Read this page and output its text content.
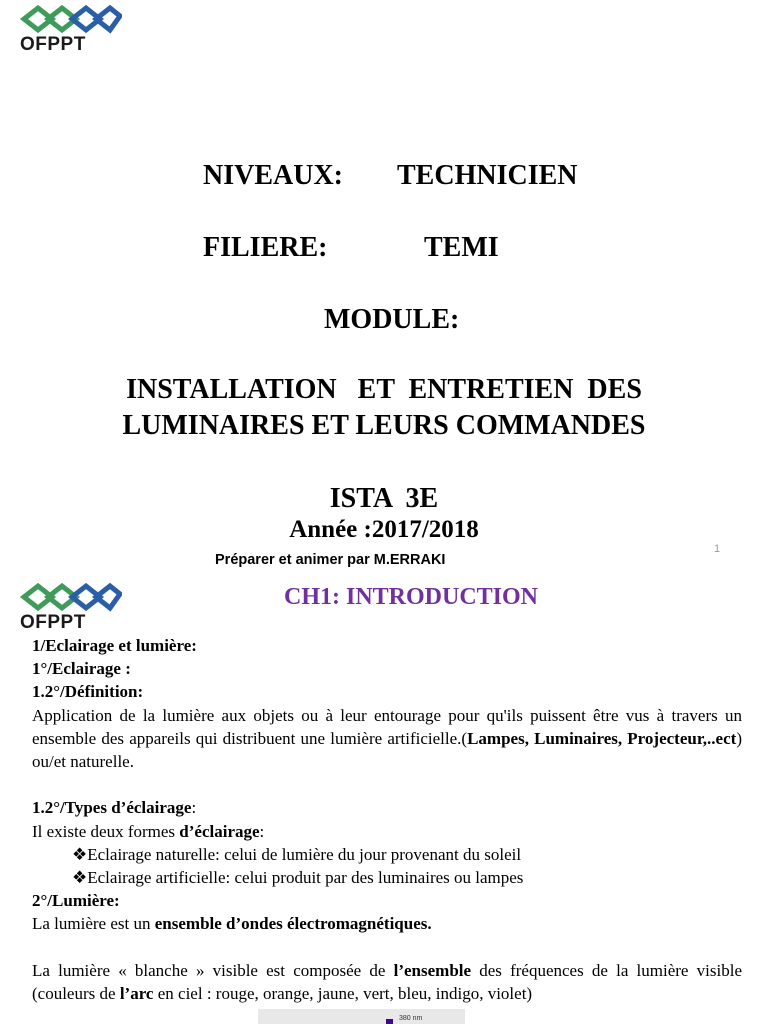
OFPPT
NIVEAUX: TECHNICIEN
FILIERE:	TEMI
MODULE:
INSTALLATION   ET  ENTRETIEN  DES
LUMINAIRES ET LEURS COMMANDES
ISTA  3E
Année :2017/2018
Préparer et animer par M.ERRAKI
1
OFPPT
CH1: INTRODUCTION

1/Eclairage et lumière:

1°/Eclairage :

1.2°/Définition:

Application de la lumière aux objets ou à leur entourage pour qu'ils puissent être vus à travers un ensemble des appareils qui distribuent une lumière artificielle.(Lampes, Luminaires, Projecteur,..ect) ou/et naturelle.

1.2°/Types d’éclairage:

Il existe deux formes d’éclairage:

❖Eclairage naturelle: celui de lumière du jour provenant du soleil

❖Eclairage artificielle: celui produit par des luminaires ou lampes

2°/Lumière:

La lumière est un ensemble d’ondes électromagnétiques.

La lumière « blanche » visible est composée de l’ensemble des fréquences de la lumière visible (couleurs de l’arc en ciel : rouge, orange, jaune, vert, bleu, indigo, violet)

380 nm
